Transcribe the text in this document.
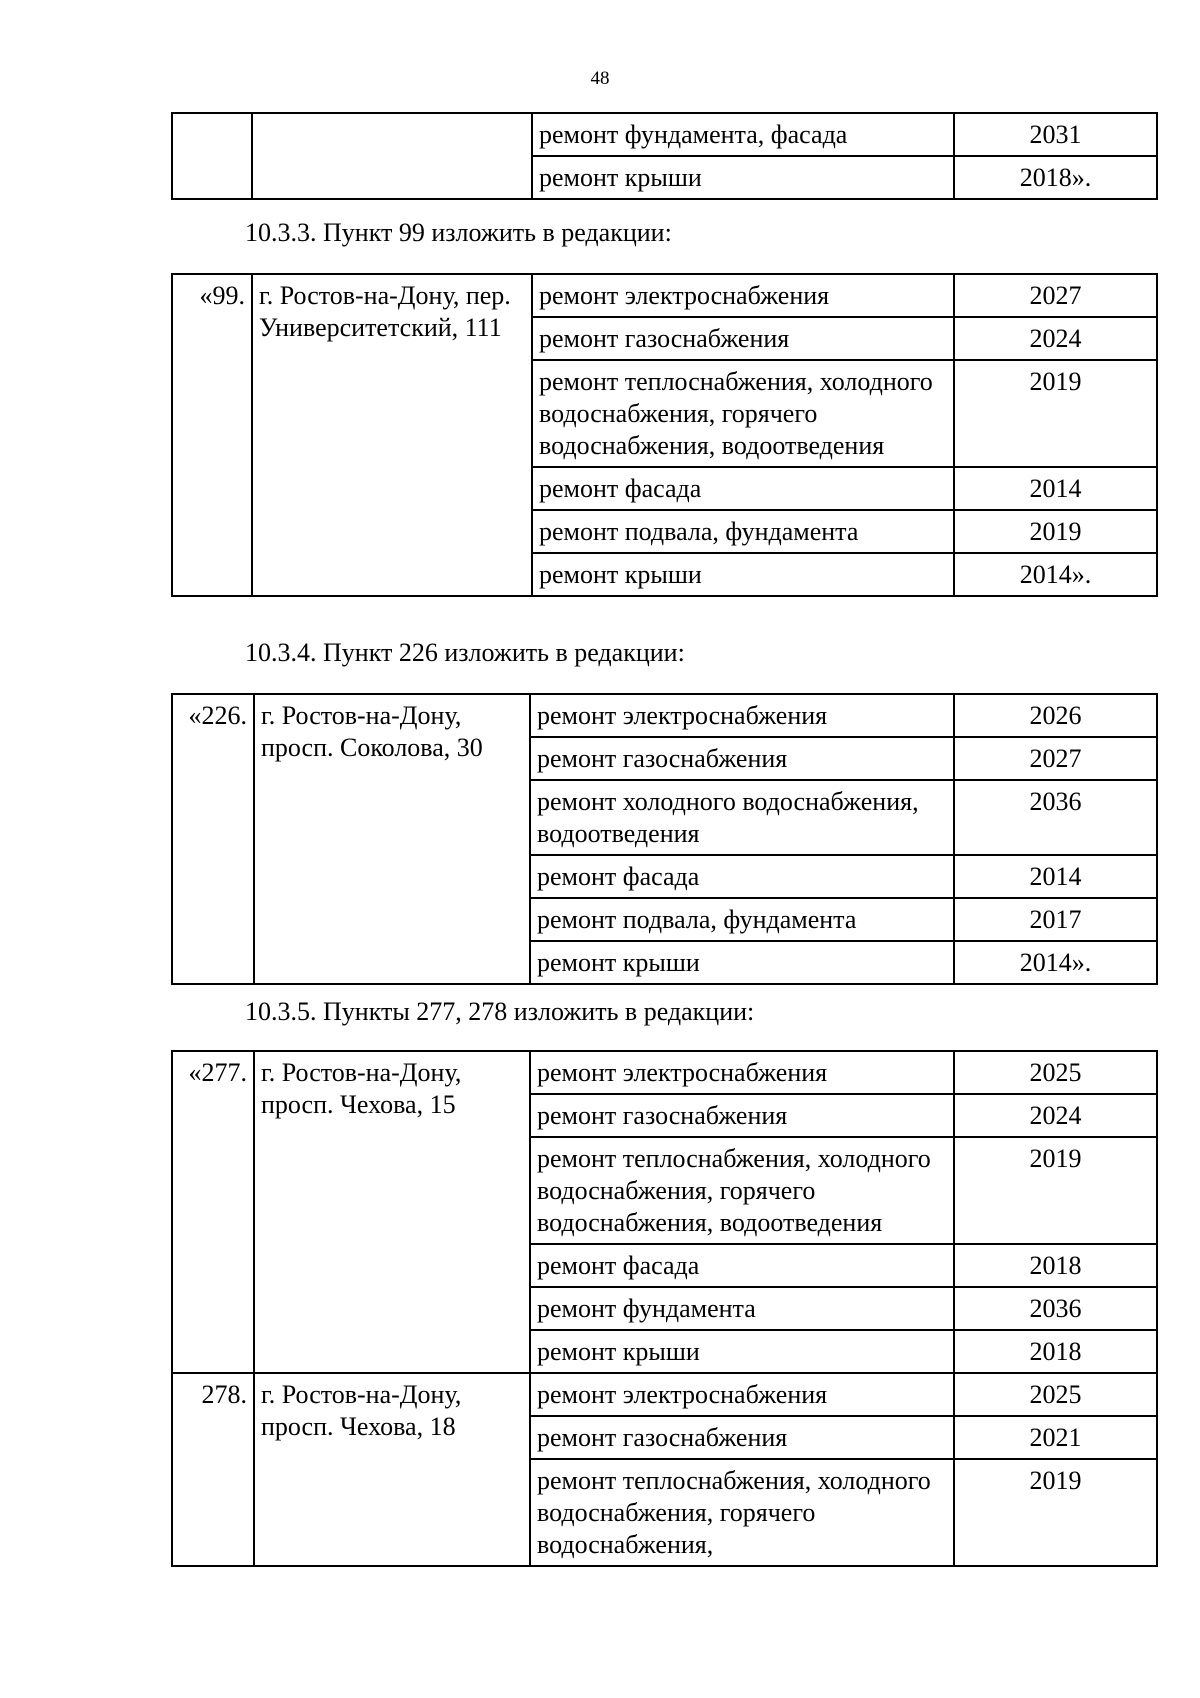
48
		ремонт фундамента, фасада	2031
		ремонт крыши	2018».
10.3.3. Пункт 99 изложить в редакции:
«99.	г. Ростов-на-Дону, пер. Университетский, 111	ремонт электроснабжения	2027
		ремонт газоснабжения	2024
		ремонт теплоснабжения, холодного водоснабжения, горячего водоснабжения, водоотведения	2019
		ремонт фасада	2014
		ремонт подвала, фундамента	2019
		ремонт крыши	2014».
10.3.4. Пункт 226 изложить в редакции:
«226.	г. Ростов-на-Дону, просп. Соколова, 30	ремонт электроснабжения	2026
		ремонт газоснабжения	2027
		ремонт холодного водоснабжения, водоотведения	2036
		ремонт фасада	2014
		ремонт подвала, фундамента	2017
		ремонт крыши	2014».
10.3.5. Пункты 277, 278 изложить в редакции:
«277.	г. Ростов-на-Дону, просп. Чехова, 15	ремонт электроснабжения	2025
		ремонт газоснабжения	2024
		ремонт теплоснабжения, холодного водоснабжения, горячего водоснабжения, водоотведения	2019
		ремонт фасада	2018
		ремонт фундамента	2036
		ремонт крыши	2018
278.	г. Ростов-на-Дону, просп. Чехова, 18	ремонт электроснабжения	2025
		ремонт газоснабжения	2021
		ремонт теплоснабжения, холодного водоснабжения, горячего водоснабжения,	2019
